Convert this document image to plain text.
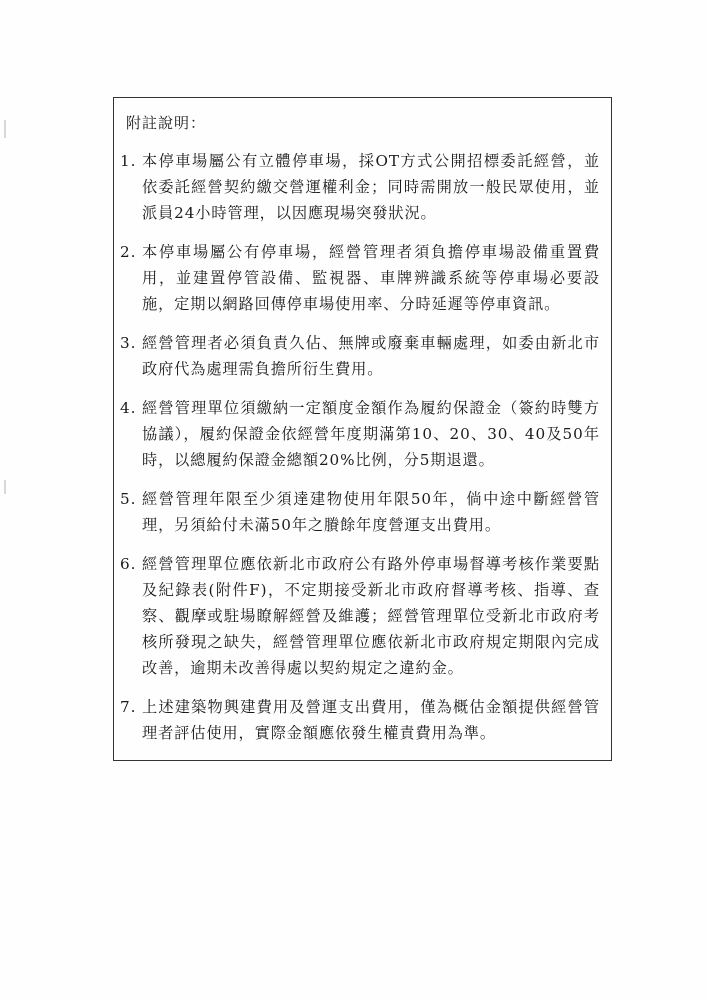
附註說明：
1. 本停車場屬公有立體停車場，採OT方式公開招標委託經營，並依委託經營契約繳交營運權利金；同時需開放一般民眾使用，並派員24小時管理，以因應現場突發狀況。
2. 本停車場屬公有停車場，經營管理者須負擔停車場設備重置費用，並建置停管設備、監視器、車牌辨識系統等停車場必要設施，定期以網路回傳停車場使用率、分時延遲等停車資訊。
3. 經營管理者必須負責久佔、無牌或廢棄車輛處理，如委由新北市政府代為處理需負擔所衍生費用。
4. 經營管理單位須繳納一定額度金額作為履約保證金（簽約時雙方協議），履約保證金依經營年度期滿第10、20、30、40及50年時，以總履約保證金總額20%比例，分5期退還。
5. 經營管理年限至少須達建物使用年限50年，倘中途中斷經營管理，另須給付未滿50年之賸餘年度營運支出費用。
6. 經營管理單位應依新北市政府公有路外停車場督導考核作業要點及紀錄表(附件F)，不定期接受新北市政府督導考核、指導、查察、觀摩或駐場瞭解經營及維護；經營管理單位受新北市政府考核所發現之缺失，經營管理單位應依新北市政府規定期限內完成改善，逾期未改善得處以契約規定之違約金。
7. 上述建築物興建費用及營運支出費用，僅為概估金額提供經營管理者評估使用，實際金額應依發生權責費用為準。
